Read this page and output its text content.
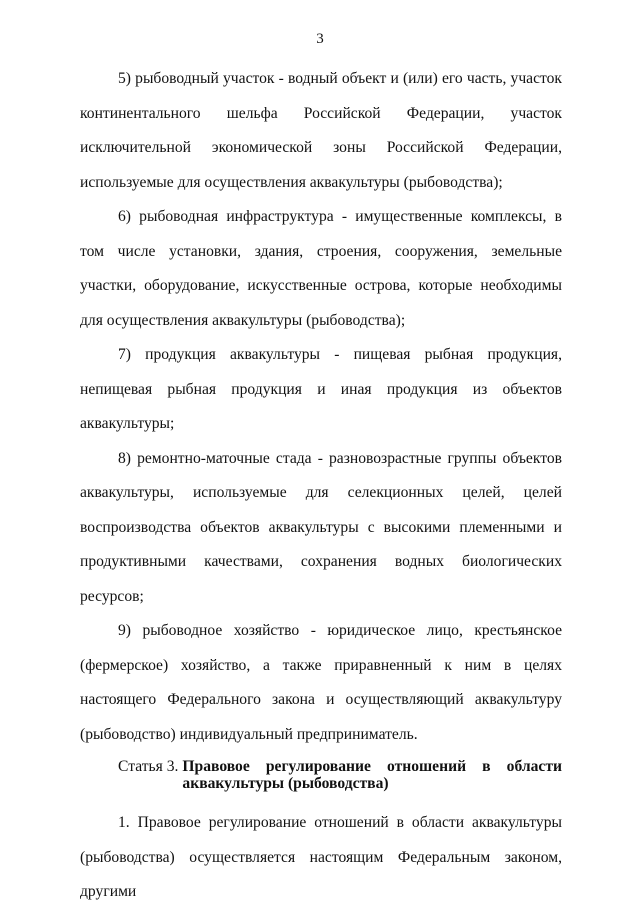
3

5) рыбоводный участок - водный объект и (или) его часть, участок континентального шельфа Российской Федерации, участок исключительной экономической зоны Российской Федерации, используемые для осуществления аквакультуры (рыбоводства);

6) рыбоводная инфраструктура - имущественные комплексы, в том числе установки, здания, строения, сооружения, земельные участки, оборудование, искусственные острова, которые необходимы для осуществления аквакультуры (рыбоводства);

7) продукция аквакультуры - пищевая рыбная продукция, непищевая рыбная продукция и иная продукция из объектов аквакультуры;

8) ремонтно-маточные стада - разновозрастные группы объектов аквакультуры, используемые для селекционных целей, целей воспроизводства объектов аквакультуры с высокими племенными и продуктивными качествами, сохранения водных биологических ресурсов;

9) рыбоводное хозяйство - юридическое лицо, крестьянское (фермерское) хозяйство, а также приравненный к ним в целях настоящего Федерального закона и осуществляющий аквакультуру (рыбоводство) индивидуальный предприниматель.

Статья 3. Правовое регулирование отношений в области аквакультуры (рыбоводства)

1. Правовое регулирование отношений в области аквакультуры (рыбоводства) осуществляется настоящим Федеральным законом, другими
